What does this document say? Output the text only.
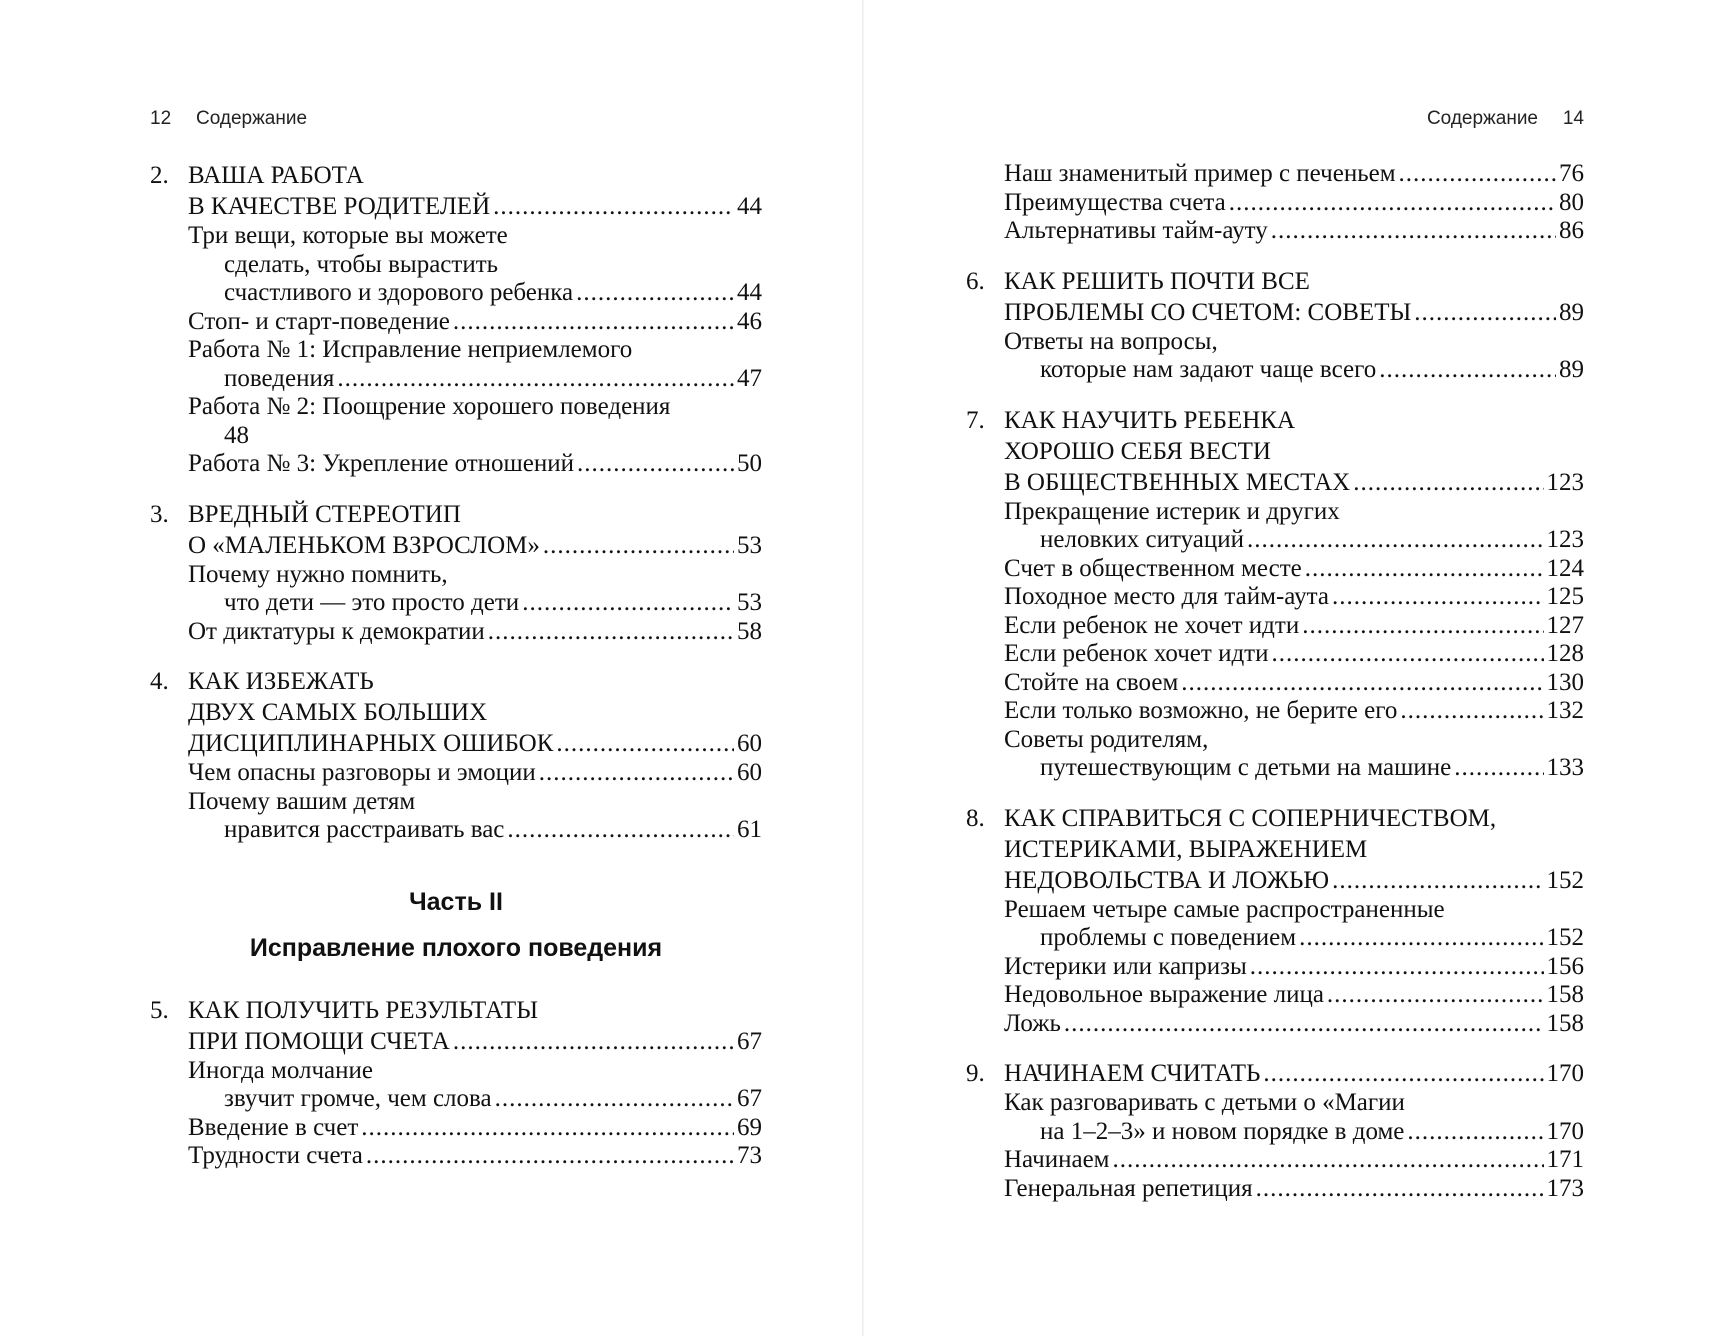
12 Содержание
2. ВАША РАБОТА
В КАЧЕСТВЕ РОДИТЕЛЕЙ .....	44
Три вещи, которые вы можете
сделать, чтобы вырастить
счастливого и здорового ребенка .....	44
Стоп- и старт-поведение .....	46
Работа № 1: Исправление неприемлемого
поведения .....	47
Работа № 2: Поощрение хорошего поведения
48
Работа № 3: Укрепление отношений .....	50
3. ВРЕДНЫЙ СТЕРЕОТИП
О «МАЛЕНЬКОМ ВЗРОСЛОМ» .....	53
Почему нужно помнить,
что дети — это просто дети .....	53
От диктатуры к демократии .....	58
4. КАК ИЗБЕЖАТЬ
ДВУХ САМЫХ БОЛЬШИХ
ДИСЦИПЛИНАРНЫХ ОШИБОК .....	60
Чем опасны разговоры и эмоции .....	60
Почему вашим детям
нравится расстраивать вас .....	61
Часть II
Исправление плохого поведения
5. КАК ПОЛУЧИТЬ РЕЗУЛЬТАТЫ
ПРИ ПОМОЩИ СЧЕТА .....	67
Иногда молчание
звучит громче, чем слова .....	67
Введение в счет .....	69
Трудности счета .....	73
Содержание 14
Наш знаменитый пример с печеньем .....	76
Преимущества счета .....	80
Альтернативы тайм-ауту .....	86
6. КАК РЕШИТЬ ПОЧТИ ВСЕ
ПРОБЛЕМЫ СО СЧЕТОМ: СОВЕТЫ .....	89
Ответы на вопросы,
которые нам задают чаще всего .....	89
7. КАК НАУЧИТЬ РЕБЕНКА
ХОРОШО СЕБЯ ВЕСТИ
В ОБЩЕСТВЕННЫХ МЕСТАХ .....	123
Прекращение истерик и других
неловких ситуаций .....	123
Счет в общественном месте .....	124
Походное место для тайм-аута .....	125
Если ребенок не хочет идти .....	127
Если ребенок хочет идти .....	128
Стойте на своем .....	130
Если только возможно, не берите его .....	132
Советы родителям,
путешествующим с детьми на машине .....	133
8. КАК СПРАВИТЬСЯ С СОПЕРНИЧЕСТВОМ,
ИСТЕРИКАМИ, ВЫРАЖЕНИЕМ
НЕДОВОЛЬСТВА И ЛОЖЬЮ .....	152
Решаем четыре самые распространенные
проблемы с поведением .....	152
Истерики или капризы .....	156
Недовольное выражение лица .....	158
Ложь .....	158
9. НАЧИНАЕМ СЧИТАТЬ .....	170
Как разговаривать с детьми о «Магии
на 1–2–3» и новом порядке в доме .....	170
Начинаем .....	171
Генеральная репетиция .....	173
